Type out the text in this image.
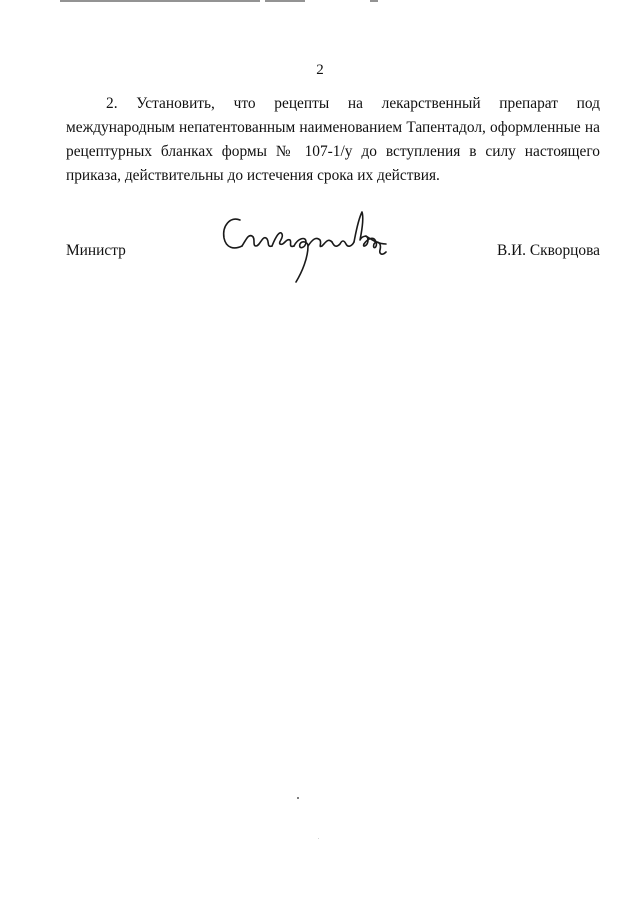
2

2. Установить, что рецепты на лекарственный препарат под международным непатентованным наименованием Тапентадол, оформленные на рецептурных бланках формы № 107-1/у до вступления в силу настоящего приказа, действительны до истечения срока их действия.

Министр	В.И. Скворцова
